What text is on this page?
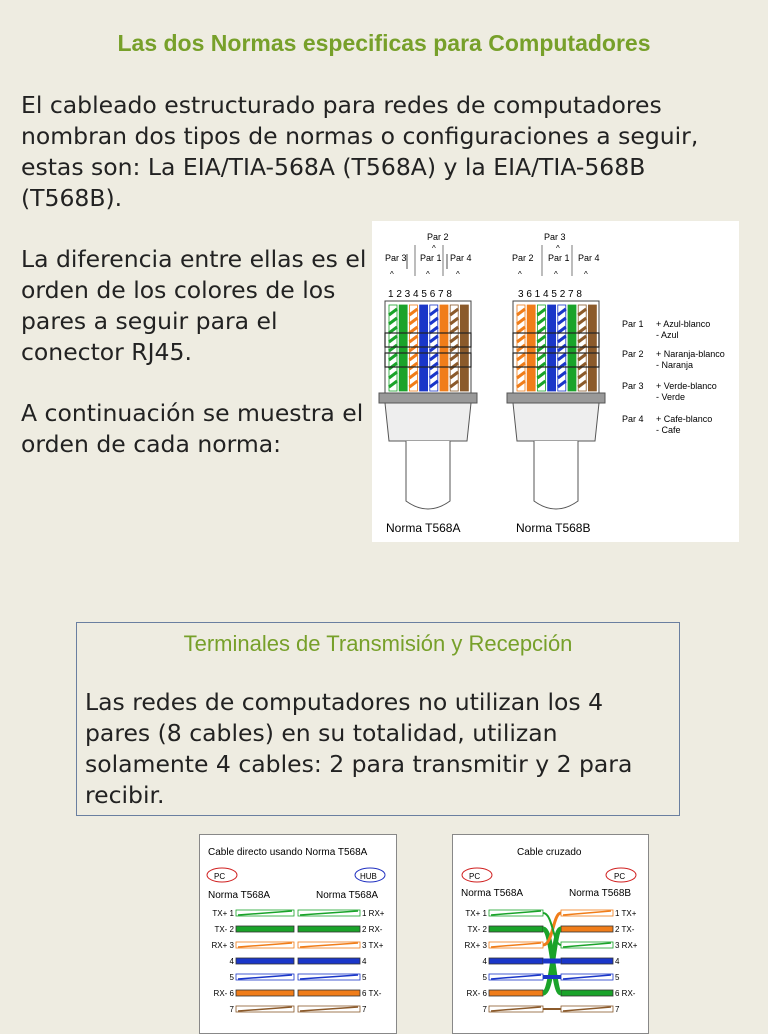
Las dos Normas especificas para Computadores
El cableado estructurado para redes de computadores nombran dos tipos de normas o configuraciones a seguir, estas son: La EIA/TIA-568A (T568A) y la EIA/TIA-568B (T568B).
La diferencia entre ellas es el orden de los colores de los pares a seguir para el conector RJ45.
A continuación se muestra el orden de cada norma:
Par 2
Par 3 Par 1 Par 4
1 2 3 4 5 6 7 8
^	^	^
^
Norma T568A
Par 3
Par 2 Par 1 Par 4
3 6 1 4 5 2 7 8
^	^	^
^
Norma T568B
Par 1 + Azul-blanco
- Azul
Par 2 + Naranja-blanco
- Naranja
Par 3 + Verde-blanco
- Verde
Par 4 + Cafe-blanco
- Cafe
Terminales de Transmisión y Recepción
Las redes de computadores no utilizan los 4 pares (8 cables) en su totalidad, utilizan solamente 4 cables: 2 para transmitir y 2 para recibir.
Cable directo usando Norma T568A
PC	HUB
Norma T568A	Norma T568A
TX+ 1	1 RX+
TX- 2	2 RX-
RX+ 3	3 TX+
4	4
5	5
RX- 6	6 TX-
7	7
Cable cruzado
PC	PC
Norma T568A	Norma T568B
TX+ 1	1 TX+
TX- 2	2 TX-
RX+ 3	3 RX+
4	4
5	5
RX- 6	6 RX-
7	7
